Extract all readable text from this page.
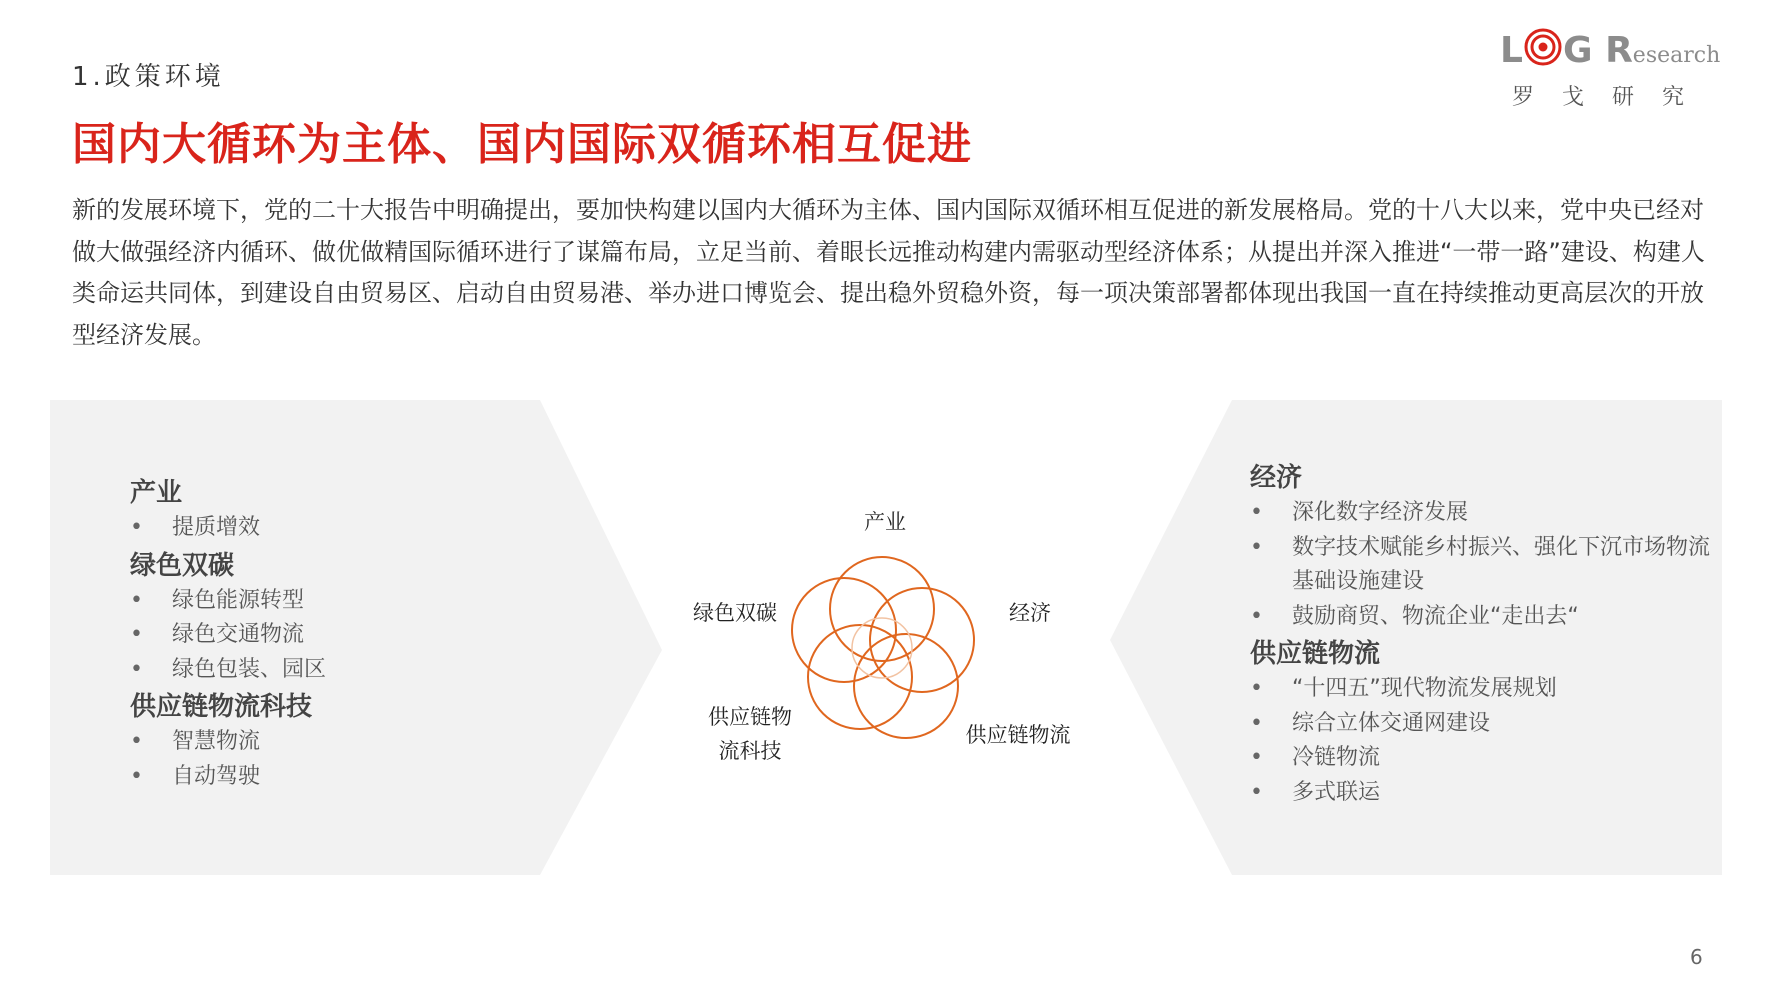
1.政策环境
国内大循环为主体、国内国际双循环相互促进
新的发展环境下，党的二十大报告中明确提出，要加快构建以国内大循环为主体、国内国际双循环相互促进的新发展格局。党的十八大以来，党中央已经对做大做强经济内循环、做优做精国际循环进行了谋篇布局，立足当前、着眼长远推动构建内需驱动型经济体系；从提出并深入推进“一带一路”建设、构建人类命运共同体，到建设自由贸易区、启动自由贸易港、举办进口博览会、提出稳外贸稳外资，每一项决策部署都体现出我国一直在持续推动更高层次的开放型经济发展。
L G Research
罗戈研究
产业
• 提质增效
绿色双碳
• 绿色能源转型
• 绿色交通物流
• 绿色包装、园区
供应链物流科技
• 智慧物流
• 自动驾驶
产业
绿色双碳	经济
供应链物
流科技
供应链物流
经济
• 深化数字经济发展
• 数字技术赋能乡村振兴、强化下沉市场物流基础设施建设
• 鼓励商贸、物流企业“走出去“
供应链物流
• “十四五”现代物流发展规划
• 综合立体交通网建设
• 冷链物流
• 多式联运
6
